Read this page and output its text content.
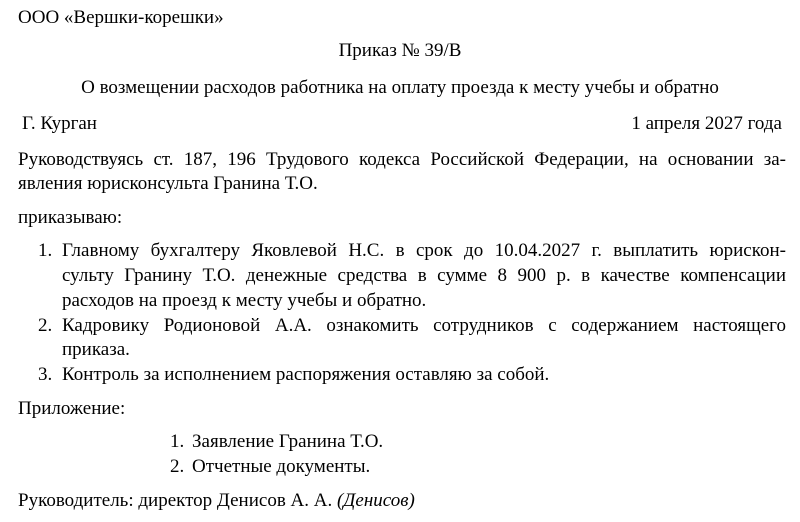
ООО «Вершки-корешки»
Приказ № 39/В
О возмещении расходов работника на оплату проезда к месту учебы и обратно
Г. Курган	1 апреля 2027 года
Руководствуясь ст. 187, 196 Трудового кодекса Российской Федерации, на основании за-
явления юрисконсульта Гранина Т.О.
приказываю:
1. Главному бухгалтеру Яковлевой Н.С. в срок до 10.04.2027 г. выплатить юрискон-
сульту Гранину Т.О. денежные средства в сумме 8 900 р. в качестве компенсации
расходов на проезд к месту учебы и обратно.
2. Кадровику Родионовой А.А. ознакомить сотрудников с содержанием настоящего
приказа.
3. Контроль за исполнением распоряжения оставляю за собой.
Приложение:
1. Заявление Гранина Т.О.
2. Отчетные документы.
Руководитель: директор Денисов А. А. (Денисов)
